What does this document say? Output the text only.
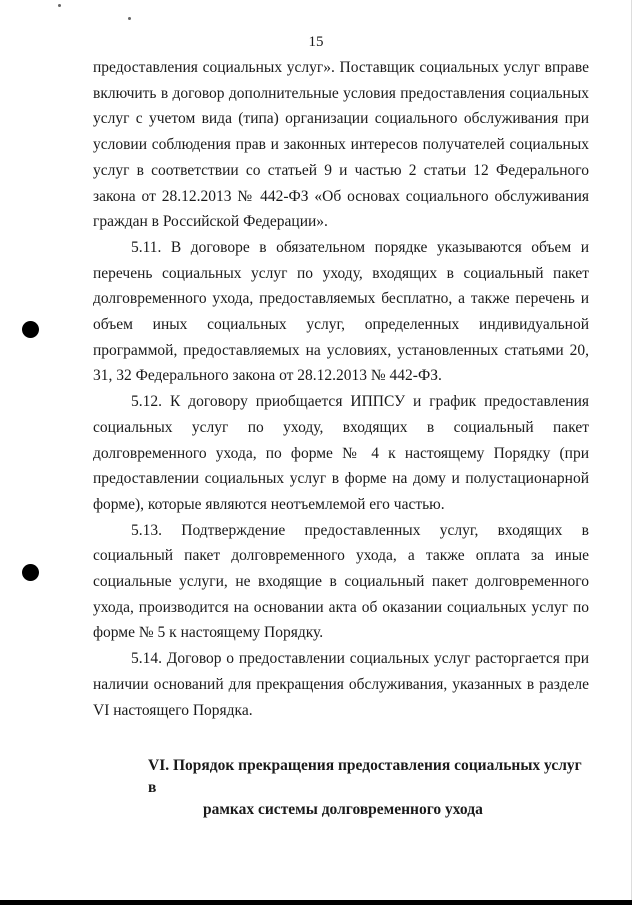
15

предоставления социальных услуг». Поставщик социальных услуг вправе включить в договор дополнительные условия предоставления социальных услуг с учетом вида (типа) организации социального обслуживания при условии соблюдения прав и законных интересов получателей социальных услуг в соответствии со статьей 9 и частью 2 статьи 12 Федерального закона от 28.12.2013 № 442-ФЗ «Об основах социального обслуживания граждан в Российской Федерации».

5.11. В договоре в обязательном порядке указываются объем и перечень социальных услуг по уходу, входящих в социальный пакет долговременного ухода, предоставляемых бесплатно, а также перечень и объем иных социальных услуг, определенных индивидуальной программой, предоставляемых на условиях, установленных статьями 20, 31, 32 Федерального закона от 28.12.2013 № 442-ФЗ.

5.12. К договору приобщается ИППСУ и график предоставления социальных услуг по уходу, входящих в социальный пакет долговременного ухода, по форме № 4 к настоящему Порядку (при предоставлении социальных услуг в форме на дому и полустационарной форме), которые являются неотъемлемой его частью.

5.13. Подтверждение предоставленных услуг, входящих в социальный пакет долговременного ухода, а также оплата за иные социальные услуги, не входящие в социальный пакет долговременного ухода, производится на основании акта об оказании социальных услуг по форме № 5 к настоящему Порядку.

5.14. Договор о предоставлении социальных услуг расторгается при наличии оснований для прекращения обслуживания, указанных в разделе VI настоящего Порядка.

VI. Порядок прекращения предоставления социальных услуг в
рамках системы долговременного ухода
